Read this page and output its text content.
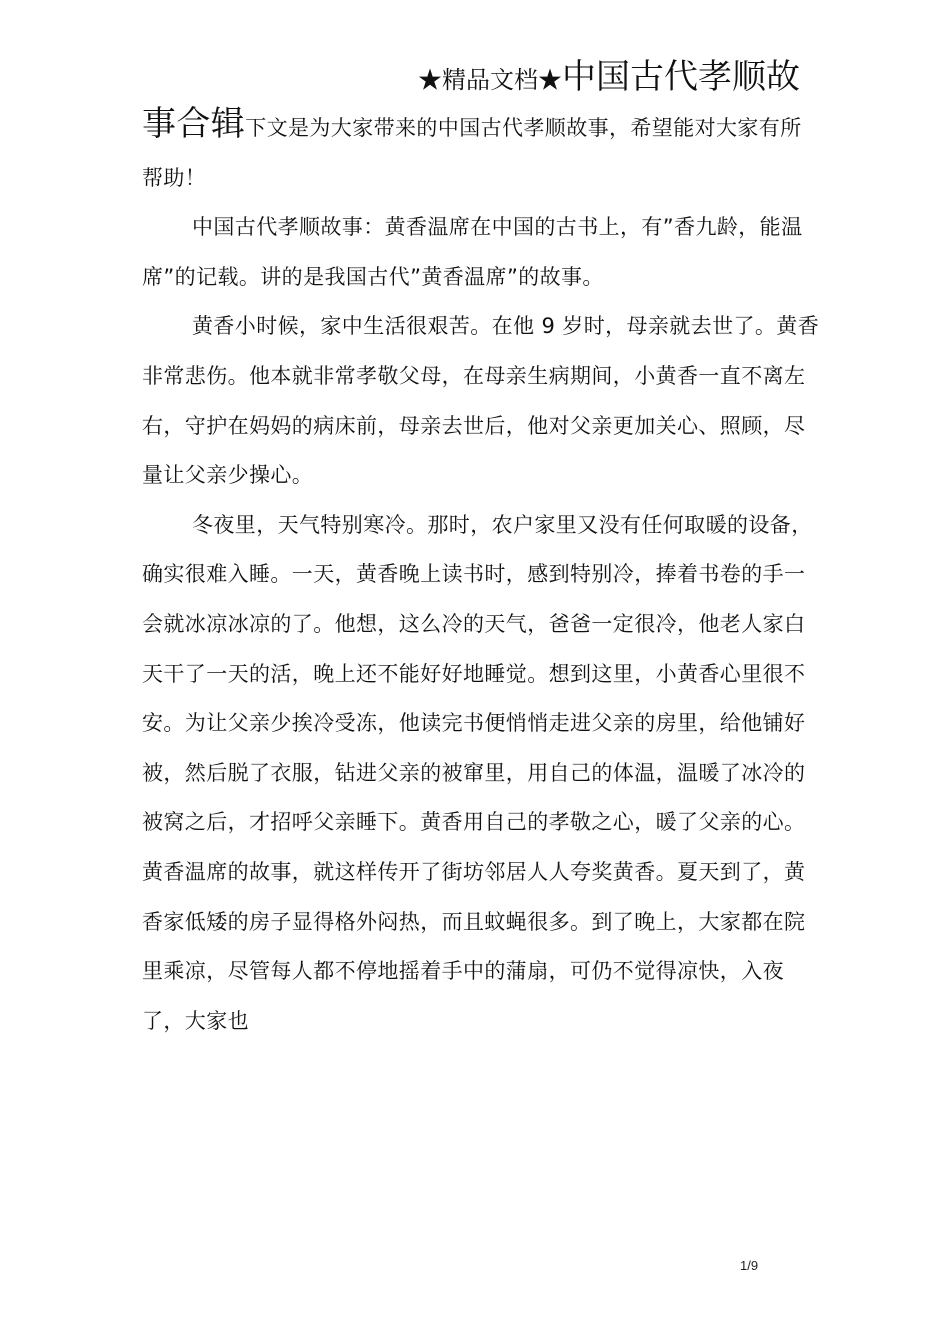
★精品文档★中国古代孝顺故

事合辑下文是为大家带来的中国古代孝顺故事，希望能对大家有所帮助！

中国古代孝顺故事：黄香温席在中国的古书上，有”香九龄，能温席”的记载。讲的是我国古代”黄香温席”的故事。

黄香小时候，家中生活很艰苦。在他 9 岁时，母亲就去世了。黄香非常悲伤。他本就非常孝敬父母，在母亲生病期间，小黄香一直不离左右，守护在妈妈的病床前，母亲去世后，他对父亲更加关心、照顾，尽量让父亲少操心。

冬夜里，天气特别寒冷。那时，农户家里又没有任何取暖的设备，确实很难入睡。一天，黄香晚上读书时，感到特别冷，捧着书卷的手一会就冰凉冰凉的了。他想，这么冷的天气，爸爸一定很冷，他老人家白天干了一天的活，晚上还不能好好地睡觉。想到这里，小黄香心里很不安。为让父亲少挨冷受冻，他读完书便悄悄走进父亲的房里，给他铺好被，然后脱了衣服，钻进父亲的被窜里，用自己的体温，温暖了冰冷的被窝之后，才招呼父亲睡下。黄香用自己的孝敬之心，暖了父亲的心。黄香温席的故事，就这样传开了街坊邻居人人夸奖黄香。夏天到了，黄香家低矮的房子显得格外闷热，而且蚊蝇很多。到了晚上，大家都在院里乘凉，尽管每人都不停地摇着手中的蒲扇，可仍不觉得凉快，入夜了，大家也

1/9
